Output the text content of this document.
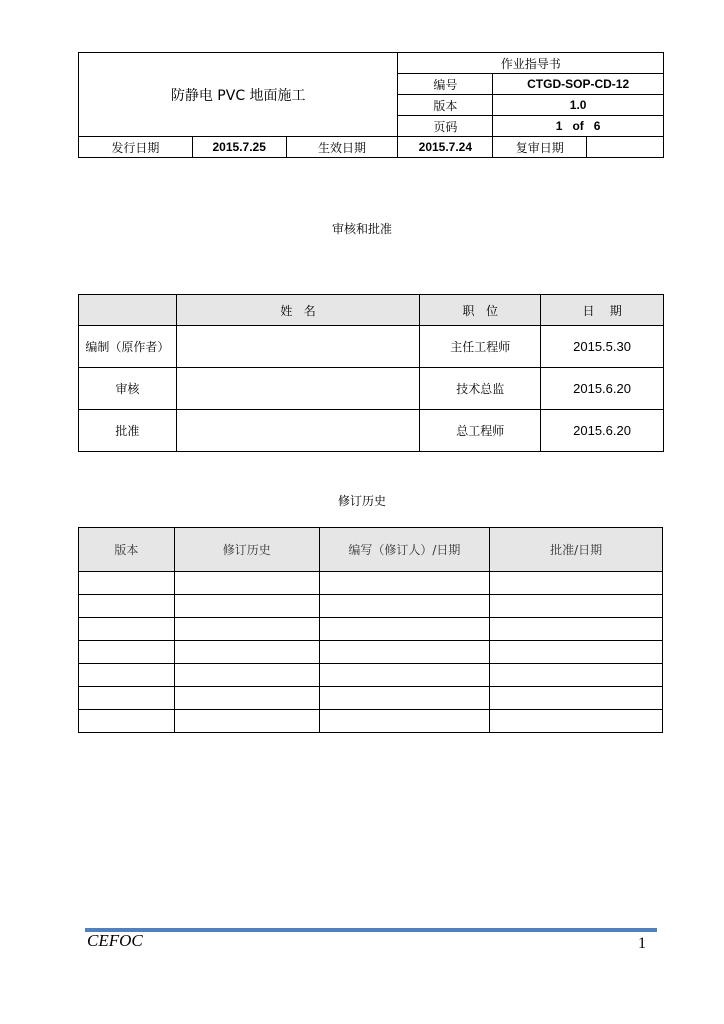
防静电 PVC 地面施工			作业指导书		
			编号	CTGD-SOP-CD-12	
			版本	1.0	
			页码	1   of   6	
发行日期	2015.7.25	生效日期	2015.7.24	复审日期	
审核和批准
	姓   名	职   位	日    期
编制（原作者）		主任工程师	2015.5.30
审核		技术总监	2015.6.20
批准		总工程师	2015.6.20
修订历史
版本	修订历史	编写（修订人）/日期	批准/日期

CEFOC	1
